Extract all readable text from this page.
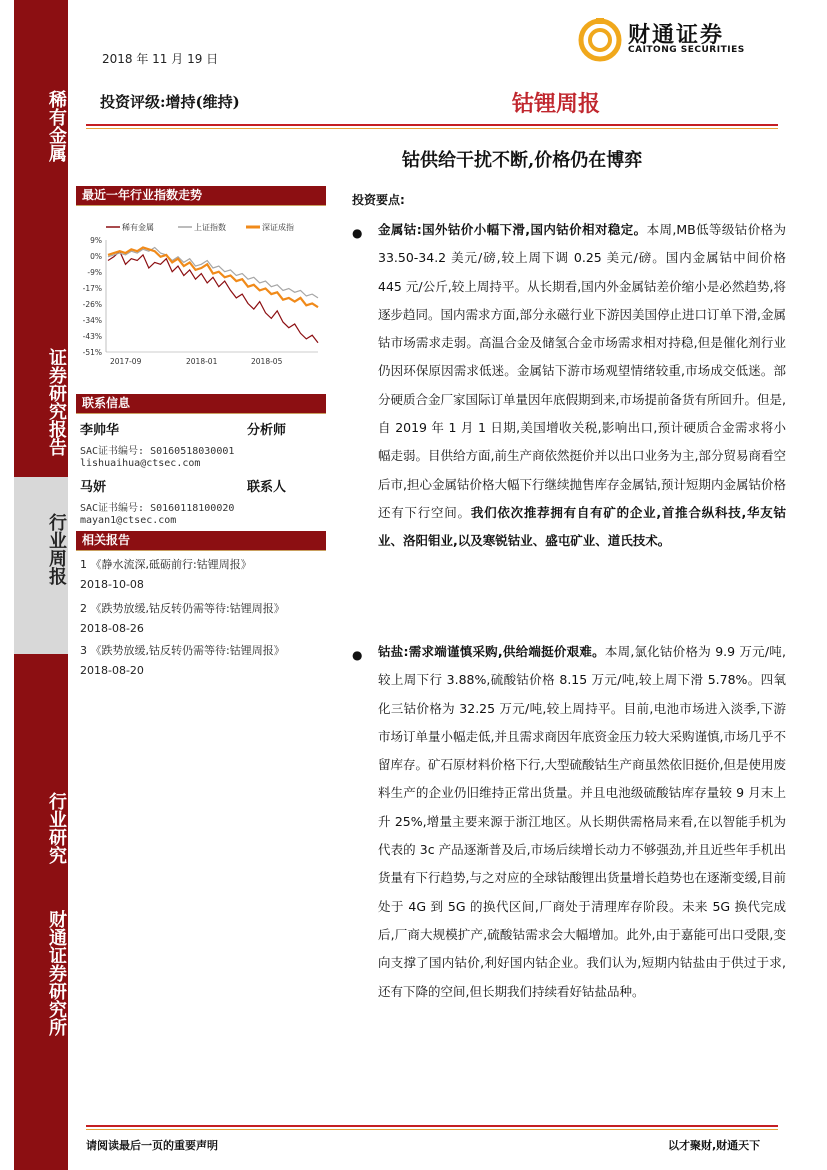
稀有金属
证券研究报告
行业周报
行业研究
财通证券研究所
2018 年 11 月 19 日
投资评级:增持(维持)	钴锂周报
钴供给干扰不断,价格仍在博弈
财通证券
CAITONG SECURITIES
最近一年行业指数走势
稀有金属	上证指数	深证成指
9%
0%
-9%
-17%
-26%
-34%
-43%
-51%
2017-09	2018-01	2018-05
联系信息
李帅华	分析师
SAC证书编号: S0160518030001
lishuaihua@ctsec.com
马妍	联系人
SAC证书编号: S0160118100020
mayan1@ctsec.com
相关报告
1 《静水流深,砥砺前行:钴锂周报》
2018-10-08
2 《跌势放缓,钴反转仍需等待:钴锂周报》
2018-08-26
3 《跌势放缓,钴反转仍需等待:钴锂周报》
2018-08-20
投资要点:
● 金属钴:国外钴价小幅下滑,国内钴价相对稳定。本周,MB低等级钴价格为 33.50-34.2 美元/磅,较上周下调 0.25 美元/磅。国内金属钴中间价格 445 元/公斤,较上周持平。从长期看,国内外金属钴差价缩小是必然趋势,将逐步趋同。国内需求方面,部分永磁行业下游因美国停止进口订单下滑,金属钴市场需求走弱。高温合金及储氢合金市场需求相对持稳,但是催化剂行业仍因环保原因需求低迷。金属钴下游市场观望情绪较重,市场成交低迷。部分硬质合金厂家国际订单量因年底假期到来,市场提前备货有所回升。但是,自 2019 年 1 月 1 日期,美国增收关税,影响出口,预计硬质合金需求将小幅走弱。目供给方面,前生产商依然挺价并以出口业务为主,部分贸易商看空后市,担心金属钴价格大幅下行继续抛售库存金属钴,预计短期内金属钴价格还有下行空间。我们依次推荐拥有自有矿的企业,首推合纵科技,华友钴业、洛阳钼业,以及寒锐钴业、盛屯矿业、道氏技术。
● 钴盐:需求端谨慎采购,供给端挺价艰难。本周,氯化钴价格为 9.9 万元/吨,较上周下行 3.88%,硫酸钴价格 8.15 万元/吨,较上周下滑 5.78%。四氧化三钴价格为 32.25 万元/吨,较上周持平。目前,电池市场进入淡季,下游市场订单量小幅走低,并且需求商因年底资金压力较大采购谨慎,市场几乎不留库存。矿石原材料价格下行,大型硫酸钴生产商虽然依旧挺价,但是使用废料生产的企业仍旧维持正常出货量。并且电池级硫酸钴库存量较 9 月末上升 25%,增量主要来源于浙江地区。从长期供需格局来看,在以智能手机为代表的 3c 产品逐渐普及后,市场后续增长动力不够强劲,并且近些年手机出货量有下行趋势,与之对应的全球钴酸锂出货量增长趋势也在逐渐变缓,目前处于 4G 到 5G 的换代区间,厂商处于清理库存阶段。未来 5G 换代完成后,厂商大规模扩产,硫酸钴需求会大幅增加。此外,由于嘉能可出口受限,变向支撑了国内钴价,利好国内钴企业。我们认为,短期内钴盐由于供过于求,还有下降的空间,但长期我们持续看好钴盐品种。
请阅读最后一页的重要声明	以才聚财,财通天下
